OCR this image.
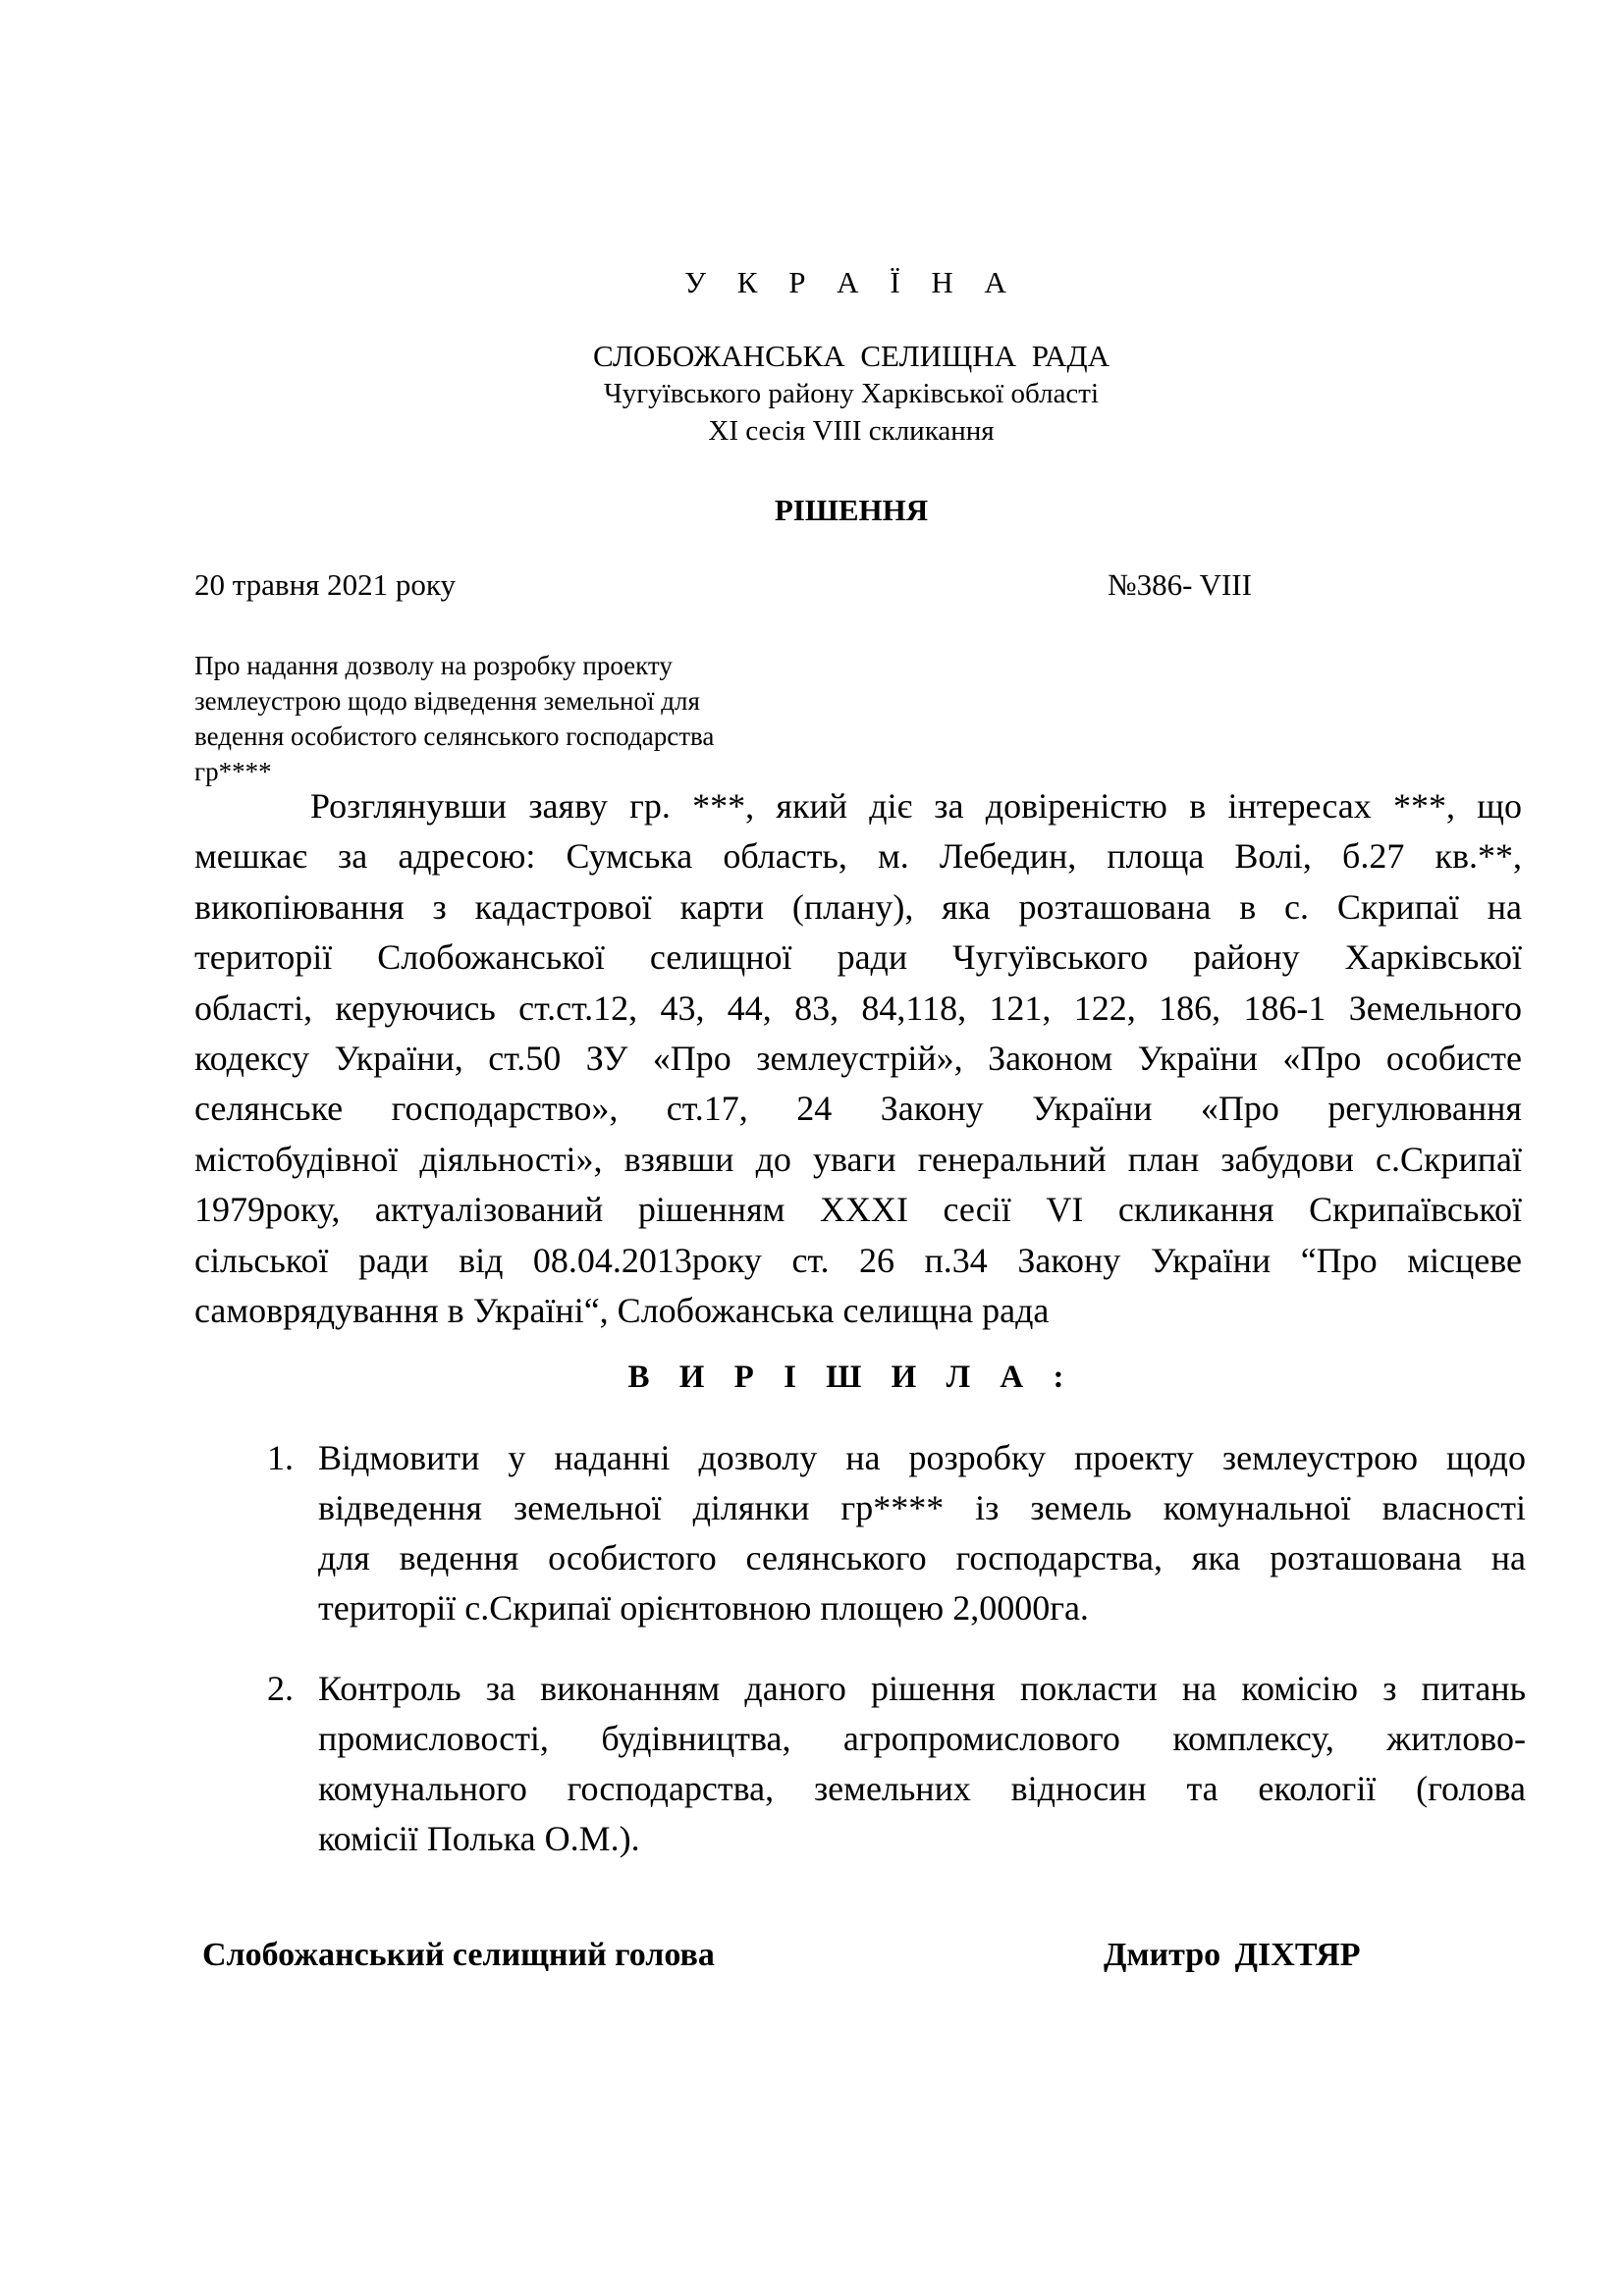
У К Р А Ї Н А
СЛОБОЖАНСЬКА СЕЛИЩНА РАДА
Чугуївського району Харківської області
XI сесія VIII скликання
РІШЕННЯ
20 травня 2021 року	№386- VIII
Про надання дозволу на розробку проекту
землеустрою щодо відведення земельної для
ведення особистого селянського господарства
гр****
Розглянувши заяву гр. ***, який діє за довіреністю в інтересах ***, що
мешкає за адресою: Сумська область, м. Лебедин, площа Волі, б.27 кв.**,
викопіювання з кадастрової карти (плану), яка розташована в с. Скрипаї на
території Слобожанської селищної ради Чугуївського району Харківської
області, керуючись ст.ст.12, 43, 44, 83, 84,118, 121, 122, 186, 186-1 Земельного
кодексу України, ст.50 ЗУ «Про землеустрій», Законом України «Про особисте
селянське господарство», ст.17, 24 Закону України «Про регулювання
містобудівної діяльності», взявши до уваги генеральний план забудови с.Скрипаї
1979року, актуалізований рішенням XXXI сесії VI скликання Скрипаївської
сільської ради від 08.04.2013року ст. 26 п.34 Закону України “Про місцеве
самоврядування в Україні“, Слобожанська селищна рада
В И Р І Ш И Л А :
1. Відмовити у наданні дозволу на розробку проекту землеустрою щодо
відведення земельної ділянки гр**** із земель комунальної власності
для ведення особистого селянського господарства, яка розташована на
території с.Скрипаї орієнтовною площею 2,0000га.
2. Контроль за виконанням даного рішення покласти на комісію з питань
промисловості, будівництва, агропромислового комплексу, житлово-
комунального господарства, земельних відносин та екології (голова
комісії Полька О.М.).
Слобожанський селищний голова	Дмитро ДІХТЯР
